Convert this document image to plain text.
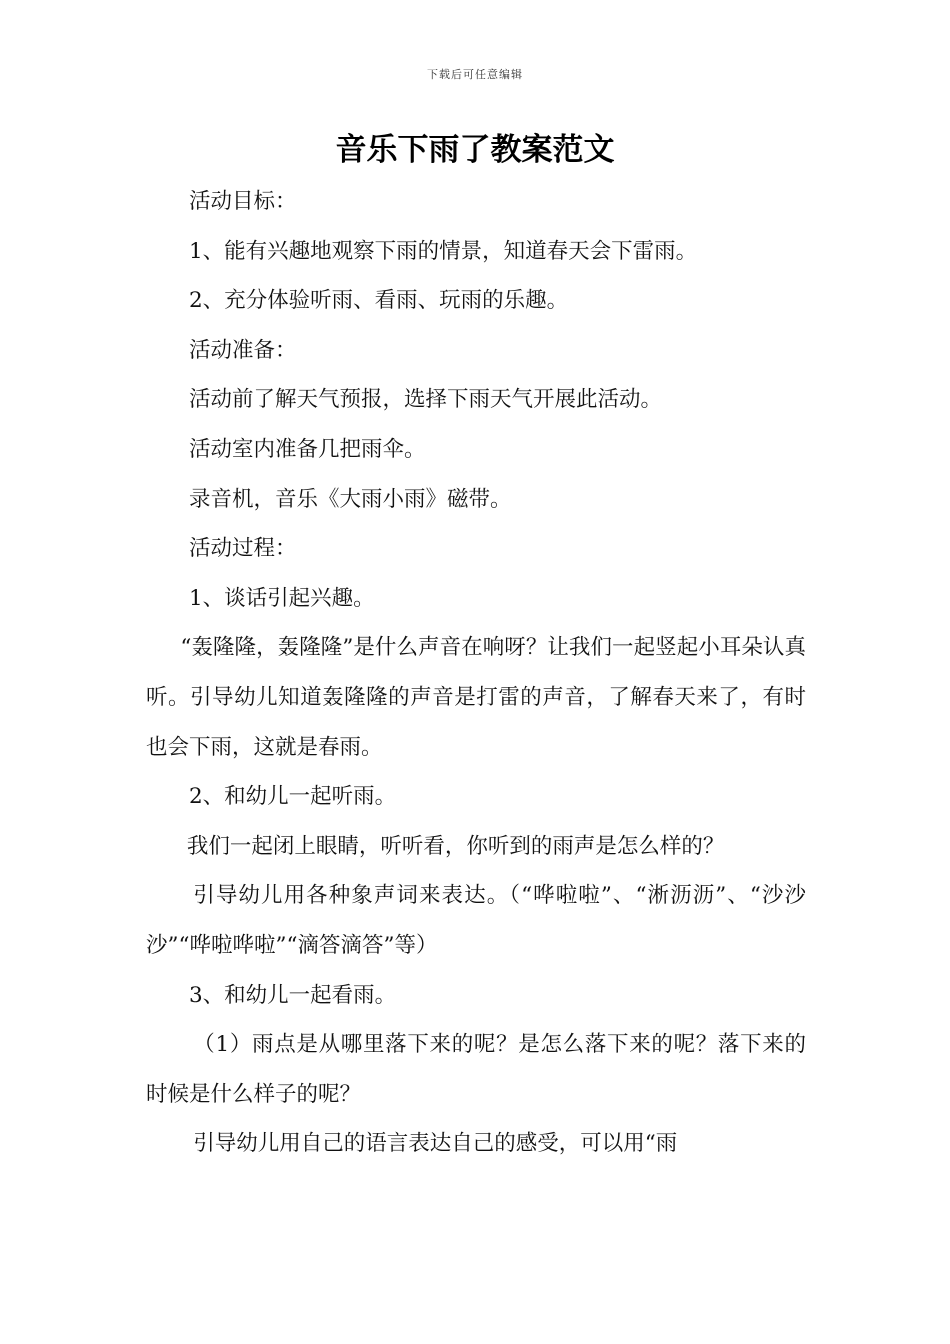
下载后可任意编辑
音乐下雨了教案范文

活动目标：

1、能有兴趣地观察下雨的情景，知道春天会下雷雨。

2、充分体验听雨、看雨、玩雨的乐趣。

活动准备：

活动前了解天气预报，选择下雨天气开展此活动。

活动室内准备几把雨伞。

录音机，音乐《大雨小雨》磁带。

活动过程：

1、谈话引起兴趣。

“轰隆隆，轰隆隆”是什么声音在响呀？让我们一起竖起小耳朵认真听。引导幼儿知道轰隆隆的声音是打雷的声音，了解春天来了，有时也会下雨，这就是春雨。

2、和幼儿一起听雨。

我们一起闭上眼睛，听听看，你听到的雨声是怎么样的？

引导幼儿用各种象声词来表达。（“哗啦啦”、“淅沥沥”、“沙沙沙”“哗啦哗啦”“滴答滴答”等）

3、和幼儿一起看雨。

（1）雨点是从哪里落下来的呢？是怎么落下来的呢？落下来的时候是什么样子的呢？

引导幼儿用自己的语言表达自己的感受，可以用“雨
